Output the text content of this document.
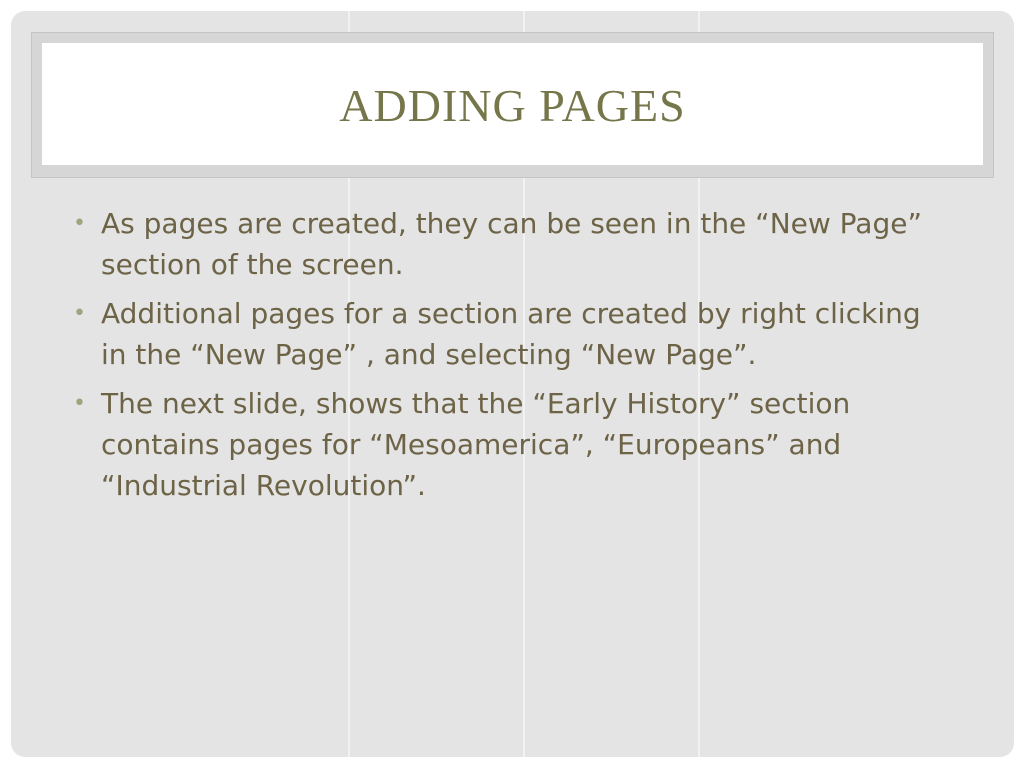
ADDING PAGES
• As pages are created, they can be seen in the “New Page” section of the screen.
• Additional pages for a section are created by right clicking in the “New Page” , and selecting “New Page”.
• The next slide, shows that the “Early History” section contains pages for “Mesoamerica”, “Europeans” and “Industrial Revolution”.
